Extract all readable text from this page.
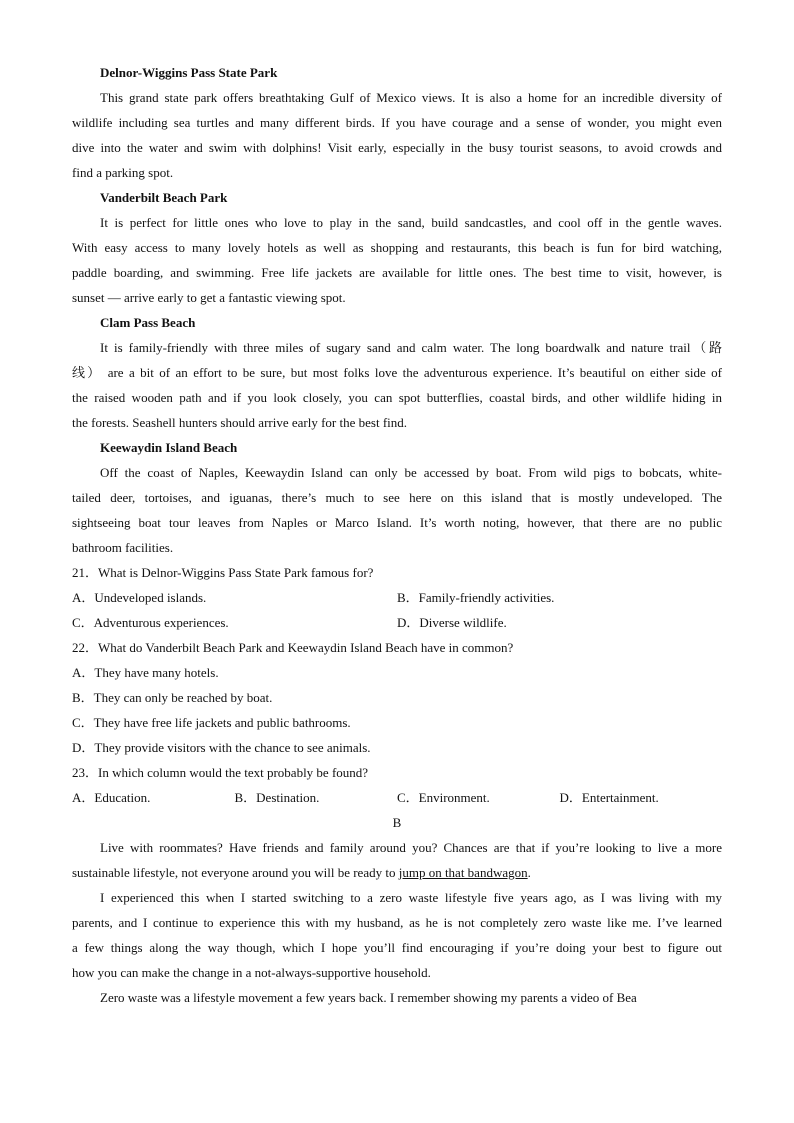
Delnor-Wiggins Pass State Park
This grand state park offers breathtaking Gulf of Mexico views. It is also a home for an incredible diversity of
wildlife including sea turtles and many different birds. If you have courage and a sense of wonder, you might even
dive into the water and swim with dolphins! Visit early, especially in the busy tourist seasons, to avoid crowds and
find a parking spot.
Vanderbilt Beach Park
It is perfect for little ones who love to play in the sand, build sandcastles, and cool off in the gentle waves.
With easy access to many lovely hotels as well as shopping and restaurants, this beach is fun for bird watching,
paddle boarding, and swimming. Free life jackets are available for little ones. The best time to visit, however, is
sunset — arrive early to get a fantastic viewing spot.
Clam Pass Beach
It is family-friendly with three miles of sugary sand and calm water. The long boardwalk and nature trail（路
线） are a bit of an effort to be sure, but most folks love the adventurous experience. It’s beautiful on either side of
the raised wooden path and if you look closely, you can spot butterflies, coastal birds, and other wildlife hiding in
the forests. Seashell hunters should arrive early for the best find.
Keewaydin Island Beach
Off the coast of Naples, Keewaydin Island can only be accessed by boat. From wild pigs to bobcats, white-
tailed deer, tortoises, and iguanas, there’s much to see here on this island that is mostly undeveloped. The
sightseeing boat tour leaves from Naples or Marco Island. It’s worth noting, however, that there are no public
bathroom facilities.
21．What is Delnor-Wiggins Pass State Park famous for?
A．Undeveloped islands.	B．Family-friendly activities.
C．Adventurous experiences.	D．Diverse wildlife.
22．What do Vanderbilt Beach Park and Keewaydin Island Beach have in common?
A．They have many hotels.
B．They can only be reached by boat.
C．They have free life jackets and public bathrooms.
D．They provide visitors with the chance to see animals.
23．In which column would the text probably be found?
A．Education.	B．Destination.	C．Environment.	D．Entertainment.
B
Live with roommates? Have friends and family around you? Chances are that if you’re looking to live a more
sustainable lifestyle, not everyone around you will be ready to jump on that bandwagon.
I experienced this when I started switching to a zero waste lifestyle five years ago, as I was living with my
parents, and I continue to experience this with my husband, as he is not completely zero waste like me. I’ve learned
a few things along the way though, which I hope you’ll find encouraging if you’re doing your best to figure out
how you can make the change in a not-always-supportive household.
Zero waste was a lifestyle movement a few years back. I remember showing my parents a video of Bea
